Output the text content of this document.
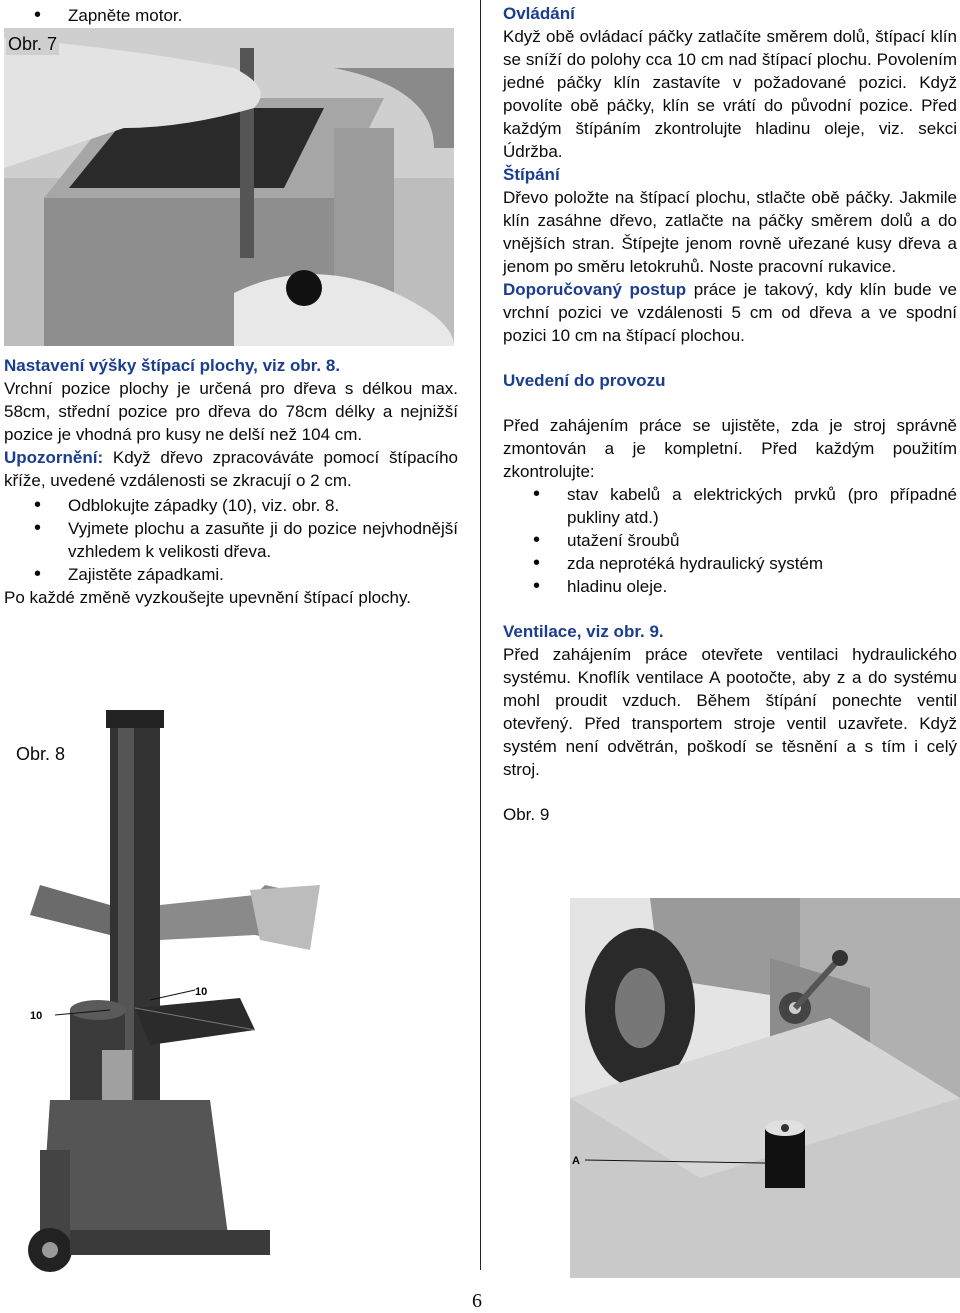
• Zapněte motor.

Obr. 7

Nastavení výšky štípací plochy, viz obr. 8.

Vrchní pozice plochy je určená pro dřeva s délkou max. 58cm, střední pozice pro dřeva do 78cm délky a nejnižší pozice je vhodná pro kusy ne delší než 104 cm.

Upozornění: Když dřevo zpracováváte pomocí štípacího kříže, uvedené vzdálenosti se zkracují o 2 cm.

• Odblokujte západky (10), viz. obr. 8.

• Vyjmete plochu a zasuňte ji do pozice nejvhodnější vzhledem k velikosti dřeva.

• Zajistěte západkami.

Po každé změně vyzkoušejte upevnění štípací plochy.

Obr. 8
10
10

Ovládání

Když obě ovládací páčky zatlačíte směrem dolů, štípací klín se sníží do polohy cca 10 cm nad štípací plochu. Povolením jedné páčky klín zastavíte v požadované pozici. Když povolíte obě páčky, klín se vrátí do původní pozice. Před každým štípáním zkontrolujte hladinu oleje, viz. sekci Údržba.

Štípání

Dřevo položte na štípací plochu, stlačte obě páčky. Jakmile klín zasáhne dřevo, zatlačte na páčky směrem dolů a do vnějších stran. Štípejte jenom rovně uřezané kusy dřeva a jenom po směru letokruhů. Noste pracovní rukavice.

Doporučovaný postup práce je takový, kdy klín bude ve vrchní pozici ve vzdálenosti 5 cm od dřeva a ve spodní pozici 10 cm na štípací plochou.

Uvedení do provozu

Před zahájením práce se ujistěte, zda je stroj správně zmontován a je kompletní. Před každým použitím zkontrolujte:

• stav kabelů a elektrických prvků (pro případné pukliny atd.)

• utažení šroubů

• zda neprotéká hydraulický systém

• hladinu oleje.

Ventilace, viz obr. 9.

Před zahájením práce otevřete ventilaci hydraulického systému. Knoflík ventilace A pootočte, aby z a do systému mohl proudit vzduch. Během štípání ponechte ventil otevřený. Před transportem stroje ventil uzavřete. Když systém není odvětrán, poškodí se těsnění a s tím i celý stroj.

Obr. 9

A
6
